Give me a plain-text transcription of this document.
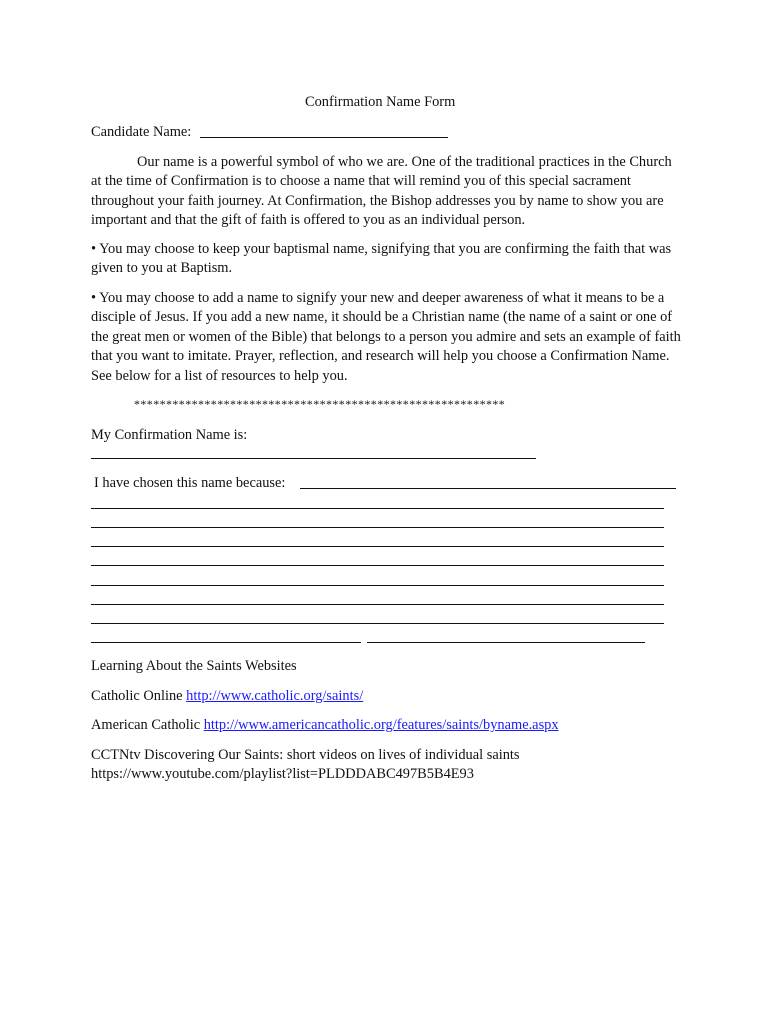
Confirmation Name Form
Candidate Name:
Our name is a powerful symbol of who we are. One of the traditional practices in the Church at the time of Confirmation is to choose a name that will remind you of this special sacrament throughout your faith journey. At Confirmation, the Bishop addresses you by name to show you are important and that the gift of faith is offered to you as an individual person.
• You may choose to keep your baptismal name, signifying that you are confirming the faith that was given to you at Baptism.
• You may choose to add a name to signify your new and deeper awareness of what it means to be a disciple of Jesus. If you add a new name, it should be a Christian name (the name of a saint or one of the great men or women of the Bible) that belongs to a person you admire and sets an example of faith that you want to imitate. Prayer, reflection, and research will help you choose a Confirmation Name. See below for a list of resources to help you.
**********************************************************
My Confirmation Name is:
I have chosen this name because:
Learning About the Saints Websites
Catholic Online http://www.catholic.org/saints/
American Catholic http://www.americancatholic.org/features/saints/byname.aspx
CCTNtv Discovering Our Saints: short videos on lives of individual saints
https://www.youtube.com/playlist?list=PLDDDABC497B5B4E93
